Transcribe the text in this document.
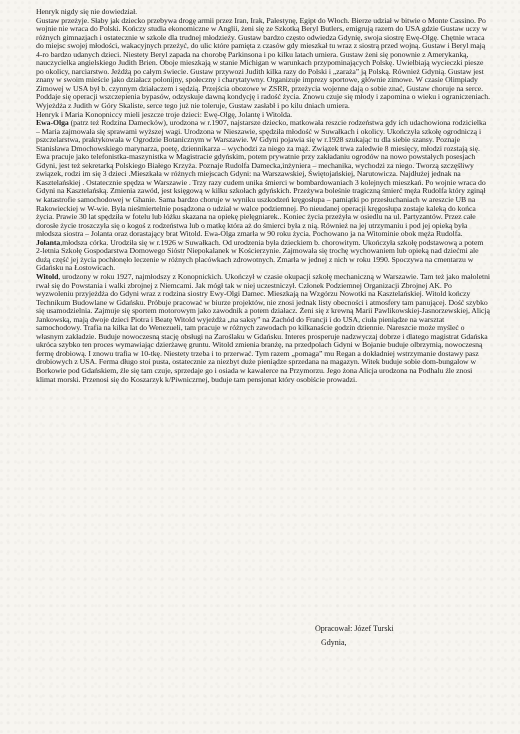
Henryk nigdy się nie dowiedział.

Gustaw przeżyje. Słaby jak dziecko przebywa drogę armii przez Iran, Irak, Palestynę, Egipt do Włoch. Bierze udział w bitwie o Monte Cassino. Po wojnie nie wraca do Polski. Kończy studia ekonomiczne w Anglii, żeni się ze Szkotką Beryl Butlers, emigrują razem do USA gdzie Gustaw uczy w różnych gimnazjach i ostatecznie w szkole dla trudnej młodzieży. Gustaw bardzo często odwiedza Gdynię, swoja siostrę Ewę-Olgę. Chętnie wraca do miejsc swojej młodości, wakacyjnych przeżyć, do ulic które pamięta z czasów gdy mieszkał tu wraz z siostrą przed wojną. Gustaw i Beryl mają 4-ro bardzo udanych dzieci. Niestety Beryl zapada na chorobę Parkinsona i po kilku latach umiera. Gustaw żeni się ponownie z Amerykanką, nauczycielka angielskiego Judith Brien. Oboje mieszkają w stanie Michigan w warunkach przypominających Polskę. Uwielbiają wycieczki piesze po okolicy, narciarstwo. Jeżdżą po całym świecie. Gustaw przywozi Judith kilka razy do Polski i „zaraża” ją Polską. Również Gdynią. Gustaw jest znany w swoim mieście jako działacz polonijny, społeczny i charytatywny. Organizuje imprezy sportowe, głównie zimowe. W czasie Olimpiady Zimowej w USA był b. czynnym działaczem i sędzią. Przejścia obozowe w ZSRR, przeżycia wojenne dają o sobie znać, Gustaw choruje na serce. Poddaje się operacji wszczepienia bypasów, odzyskuje dawną kondycję i radość życia. Znowu czuje się młody i zapomina o wieku i ograniczeniach. Wyjeżdża z Judith w Góry Skaliste, serce tego już nie toleruje, Gustaw zasłabł i po kilu dniach umiera.

Henryk i Maria Konopniccy mieli jeszcze troje dzieci: Ewę-Olgę, Jolantę i Witolda.

Ewa-Olga (patrz też Rodzina Damecków), urodzona w r.1907, najstarsze dziecko, matkowała reszcie rodzeństwa gdy ich udachowiona rodzicielka – Maria zajmowała się sprawami wyższej wagi. Urodzona w Nieszawie, spędziła młodość w Suwałkach i okolicy. Ukończyła szkołę ogrodniczą i pszczelarstwa, praktykowała w Ogrodzie Botanicznym w Warszawie. W Gdyni pojawia się w r.1928 szukając tu dla siebie szansy. Poznaje Stanisława Dmochowskiego marynarza, poetę, dziennikarza – wychodzi za niego za mąż. Związek trwa zaledwie 8 miesięcy, młodzi rozstają się. Ewa pracuje jako telefonistka-maszynistka w Magistracie gdyńskim, potem prywatnie przy zakładaniu ogrodów na nowo powstałych posesjach Gdyni, jest też sekretarką Polskiego Białego Krzyża. Poznaje Rudolfa Damecka,inżyniera – mechanika, wychodzi za niego. Tworzą szczęśliwy związek, rodzi im się 3 dzieci .Mieszkała w różnych miejscach Gdyni: na Warszawskiej, Świętojańskiej, Narutowicza. Najdłużej jednak na Kasztelańskiej . Ostatecznie spędza w Warszawie . Trzy razy cudem unika śmierci w bombardowaniach 3 kolejnych mieszkań. Po wojnie wraca do Gdyni na Kasztelańską. Zmienia zawód, jest księgową w kilku szkołach gdyńskich. Przeżywa boleśnie tragiczną śmierć męża Rudolfa który zginął w katastrofie samochodowej w Ghanie. Sama bardzo choruje w wyniku uszkodzeń kręgosłupa – pamiątki po przesłuchaniach w areszcie UB na Rakowieckiej w W-wie. Była nieśmiertelnie posądzona o udział w walce podziemnej. Po nieudanej operacji kręgosłupa zostaje kaleką do końca życia. Prawie 30 lat spędziła w fotelu lub łóżku skazana na opiekę pielęgniarek.. Koniec życia przeżyła w osiedlu na ul. Partyzantów. Przez całe dorosłe życie troszczyła się o kogoś z rodzeństwa lub o matkę która aż do śmierci była z nią. Również na jej utrzymaniu i pod jej opieką była młodsza siostra – Jolanta oraz dorastający brat Witold. Ewa-Olga zmarła w 90 roku życia. Pochowano ja na Witominie obok męża Rudolfa.

Jolanta,młodsza córka. Urodziła się w r.1926 w Suwałkach. Od urodzenia była dzieckiem b. chorowitym. Ukończyła szkołę podstawową a potem 2-letnia Szkołę Gospodarstwa Domowego Sióstr Niepokalanek w Kościerzynie. Zajmowała się trochę wychowaniem lub opieką nad dziećmi ale dużą część jej życia pochłonęło leczenie w różnych placówkach zdrowotnych. Zmarła w jednej z nich w roku 1990. Spoczywa na cmentarzu w Gdańsku na Łostowicach.

Witold, urodzony w roku 1927, najmłodszy z Konopnickich. Ukończył w czasie okupacji szkołę mechaniczną w Warszawie. Tam też jako małoletni rwał się do Powstania i walki zbrojnej z Niemcami. Jak mógł tak w niej uczestniczył. Członek Podziemnej Organizacji Zbrojnej AK. Po wyzwoleniu przyjeżdża do Gdyni wraz z rodzina siostry Ewy-Olgi Damec. Mieszkają na Wzgórzu Nowotki na Kasztelańskiej. Witold kończy Technikum Budowlane w Gdańsku. Próbuje pracować w biurze projektów, nie znosi jednak listy obecności i atmosfery tam panującej. Dość szybko się usamodzielnia. Zajmuje się sportem motorowym jako zawodnik a potem działacz. Żeni się z krewną Marii Pawlikowskiej-Jasnorzewskiej, Alicją Jankowską, mają dwoje dzieci Piotra i Beatę Witold wyjeżdża „na saksy” na Zachód do Francji i do USA, ciuła pieniądze na warsztat samochodowy. Trafia na kilka lat do Wenezueli, tam pracuje w różnych zawodach po kilkanaście godzin dziennie. Nareszcie może myśleć o własnym zakładzie. Buduje nowoczesną stację obsługi na Zaroślaku w Gdańsku. Interes prosperuje nadzwyczaj dobrze i dlatego magistrat Gdańska ukróca szybko ten proces wymawiając dzierżawę gruntu. Witold zmienia branżę, na przedpolach Gdyni w Bojanie buduje olbrzymią, nowoczesną fermę drobiową. I znowu trafia w 10-tkę. Niestety trzeba i to przerwać. Tym razem „pomaga” mu Regan a dokładniej wstrzymanie dostawy pasz drobiowych z USA. Ferma długo stoi pusta, ostatecznie za niezbyt duże pieniądze sprzedana na magazyn. Witek buduje sobie dom-bungalow w Borkowie pod Gdańskiem, źle się tam czuje, sprzedaje go i osiada w kawalerce na Przymorzu. Jego żona Alicja urodzona na Podhalu źle znosi klimat morski. Przenosi się do Koszarzyk k/Piwniczrnej, buduje tam pensjonat który osobiście prowadzi.

Opracował: Józef Turski
Gdynia,
